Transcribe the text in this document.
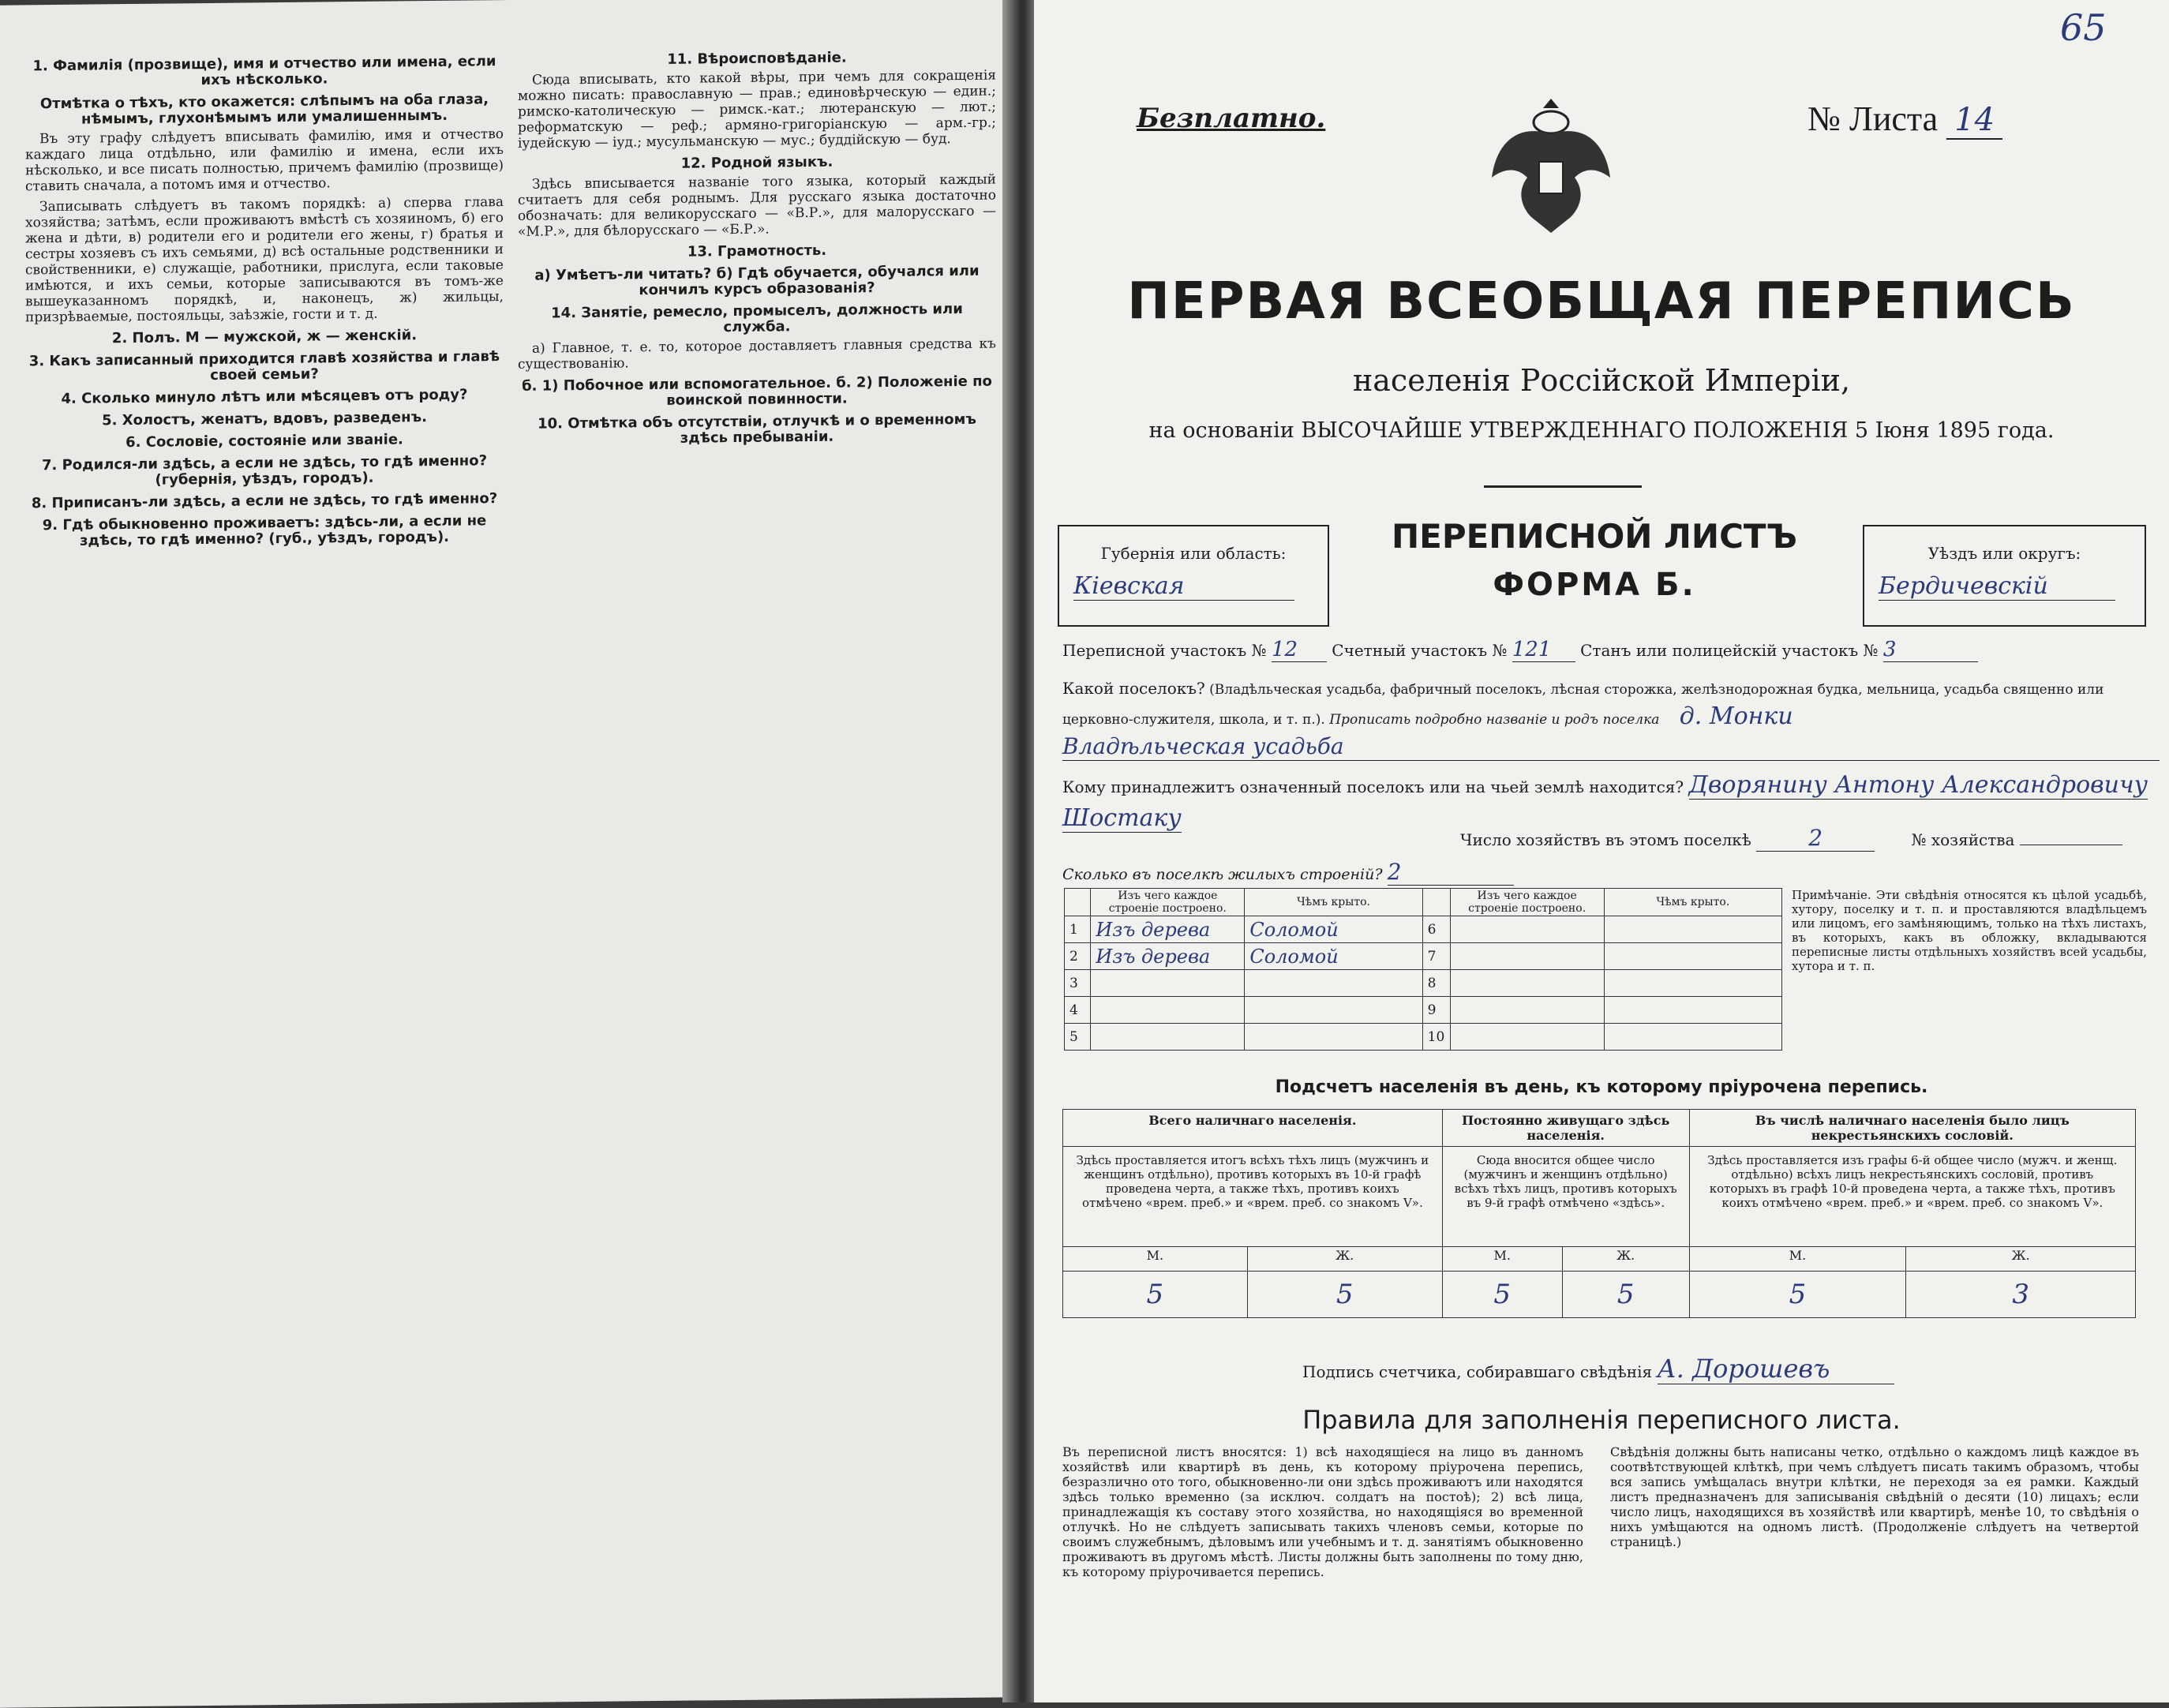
1. Фамилія (прозвище), имя и отчество или имена, если ихъ нѣсколько.
Отмѣтка о тѣхъ, кто окажется: слѣпымъ на оба глаза, нѣмымъ, глухонѣмымъ или умалишеннымъ.

Въ эту графу слѣдуетъ вписывать фамилію, имя и отчество каждаго лица отдѣльно, или фамилію и имена, если ихъ нѣсколько, и все писать полностью, причемъ фамилію (прозвище) ставить сначала, а потомъ имя и отчество.

Записывать слѣдуетъ въ такомъ порядкѣ: а) сперва глава хозяйства; затѣмъ, если проживаютъ вмѣстѣ съ хозяиномъ, б) его жена и дѣти, в) родители его и родители его жены, г) братья и сестры хозяевъ съ ихъ семьями, д) всѣ остальные родственники и свойственники, е) служащіе, работники, прислуга, если таковые имѣются, и ихъ семьи, которые записываются въ томъ-же вышеуказанномъ порядкѣ, и, наконецъ, ж) жильцы, призрѣваемые, постояльцы, заѣзжіе, гости и т. д.

2. Полъ. М — мужской, ж — женскій.
3. Какъ записанный приходится главѣ хозяйства и главѣ своей семьи?
4. Сколько минуло лѣтъ или мѣсяцевъ отъ роду?
5. Холостъ, женатъ, вдовъ, разведенъ.
6. Сословіе, состояніе или званіе.
7. Родился-ли здѣсь, а если не здѣсь, то гдѣ именно? (губернія, уѣздъ, городъ).
8. Приписанъ-ли здѣсь, а если не здѣсь, то гдѣ именно?
9. Гдѣ обыкновенно проживаетъ: здѣсь-ли, а если не здѣсь, то гдѣ именно? (губ., уѣздъ, городъ).
11. Вѣроисповѣданіе.

Сюда вписывать, кто какой вѣры, при чемъ для сокращенія можно писать: православную — прав.; единовѣрческую — един.; римско-католическую — римск.-кат.; лютеранскую — лют.; реформатскую — реф.; армяно-григоріанскую — арм.-гр.; іудейскую — іуд.; мусульманскую — мус.; буддійскую — буд.

12. Родной языкъ.

Здѣсь вписывается названіе того языка, который каждый считаетъ для себя роднымъ. Для русскаго языка достаточно обозначать: для великорусскаго — «В.Р.», для малорусскаго — «М.Р.», для бѣлорусскаго — «Б.Р.».

13. Грамотность.
а) Умѣетъ-ли читать? б) Гдѣ обучается, обучался или кончилъ курсъ образованія?
14. Занятіе, ремесло, промыселъ, должность или служба.

а) Главное, т. е. то, которое доставляетъ главныя средства къ существованію.

б. 1) Побочное или вспомогательное. б. 2) Положеніе по воинской повинности.
10. Отмѣтка объ отсутствіи, отлучкѣ и о временномъ здѣсь пребываніи.
65
Безплатно.	№ Листа 14
ПЕРВАЯ ВСЕОБЩАЯ ПЕРЕПИСЬ
населенія Россійской Имперіи,
на основаніи ВЫСОЧАЙШЕ УТВЕРЖДЕННАГО ПОЛОЖЕНІЯ 5 Іюня 1895 года.
Губернія или область:
Кіевская
ПЕРЕПИСНОЙ ЛИСТЪ
ФОРМА Б.
Уѣздъ или округъ:
Бердичевскій
Переписной участокъ № 12 Счетный участокъ № 121 Станъ или полицейскій участокъ № 3
Какой поселокъ? (Владѣльческая усадьба, фабричный поселокъ, лѣсная сторожка, желѣзнодорожная будка, мельница, усадьба священно или церковно-служителя, школа, и т. п.). Прописать подробно названіе и родъ поселка д. Монки
Владѣльческая усадьба
Кому принадлежитъ означенный поселокъ или на чьей землѣ находится? Дворянину Антону Александровичу Шостаку
Число хозяйствъ въ этомъ поселкѣ	2	№ хозяйства
Сколько въ поселкѣ жилыхъ строеній? 2
	Изъ чего каждое строеніе построено.	Чѣмъ крыто.		Изъ чего каждое строеніе построено.	Чѣмъ крыто.
1	Изъ дерева	Соломой	6		
2	Изъ дерева	Соломой	7		
3			8		
4			9		
5			10		
Примѣчаніе. Эти свѣдѣнія относятся къ цѣлой усадьбѣ, хутору, поселку и т. п. и проставляются владѣльцемъ или лицомъ, его замѣняющимъ, только на тѣхъ листахъ, въ которыхъ, какъ въ обложку, вкладываются переписные листы отдѣльныхъ хозяйствъ всей усадьбы, хутора и т. п.
Подсчетъ населенія въ день, къ которому пріурочена перепись.
Всего наличнаго населенія.		Постоянно живущаго здѣсь населенія.		Въ числѣ наличнаго населенія было лицъ некрестьянскихъ сословій.	
Здѣсь проставляется итогъ всѣхъ тѣхъ лицъ (мужчинъ и женщинъ отдѣльно), противъ которыхъ въ 10-й графѣ проведена черта, а также тѣхъ, противъ коихъ отмѣчено «врем. преб.» и «врем. преб. со знакомъ V».		Сюда вносится общее число (мужчинъ и женщинъ отдѣльно) всѣхъ тѣхъ лицъ, противъ которыхъ въ 9-й графѣ отмѣчено «здѣсь».		Здѣсь проставляется изъ графы 6-й общее число (мужч. и женщ. отдѣльно) всѣхъ лицъ некрестьянскихъ сословій, противъ которыхъ въ графѣ 10-й проведена черта, а также тѣхъ, противъ коихъ отмѣчено «врем. преб.» и «врем. преб. со знакомъ V».	
М.	Ж.	М.	Ж.	М.	Ж.
5	5	5	5	5	3
Подпись счетчика, собиравшаго свѣдѣнія А. Дорошевъ
Правила для заполненія переписного листа.
Въ переписной листъ вносятся: 1) всѣ находящіеся на лицо въ данномъ хозяйствѣ или квартирѣ въ день, къ которому пріурочена перепись, безразлично ото того, обыкновенно-ли они здѣсь проживаютъ или находятся здѣсь только временно (за исключ. солдатъ на постоѣ); 2) всѣ лица, принадлежащія къ составу этого хозяйства, но находящіяся во временной отлучкѣ. Но не слѣдуетъ записывать такихъ членовъ семьи, которые по своимъ служебнымъ, дѣловымъ или учебнымъ и т. д. занятіямъ обыкновенно проживаютъ въ другомъ мѣстѣ. Листы должны быть заполнены по тому дню, къ которому пріурочивается перепись.
Свѣдѣнія должны быть написаны четко, отдѣльно о каждомъ лицѣ каждое въ соотвѣтствующей клѣткѣ, при чемъ слѣдуетъ писать такимъ образомъ, чтобы вся запись умѣщалась внутри клѣтки, не переходя за ея рамки. Каждый листъ предназначенъ для записыванія свѣдѣній о десяти (10) лицахъ; если число лицъ, находящихся въ хозяйствѣ или квартирѣ, менѣе 10, то свѣдѣнія о нихъ умѣщаются на одномъ листѣ. (Продолженіе слѣдуетъ на четвертой страницѣ.)
